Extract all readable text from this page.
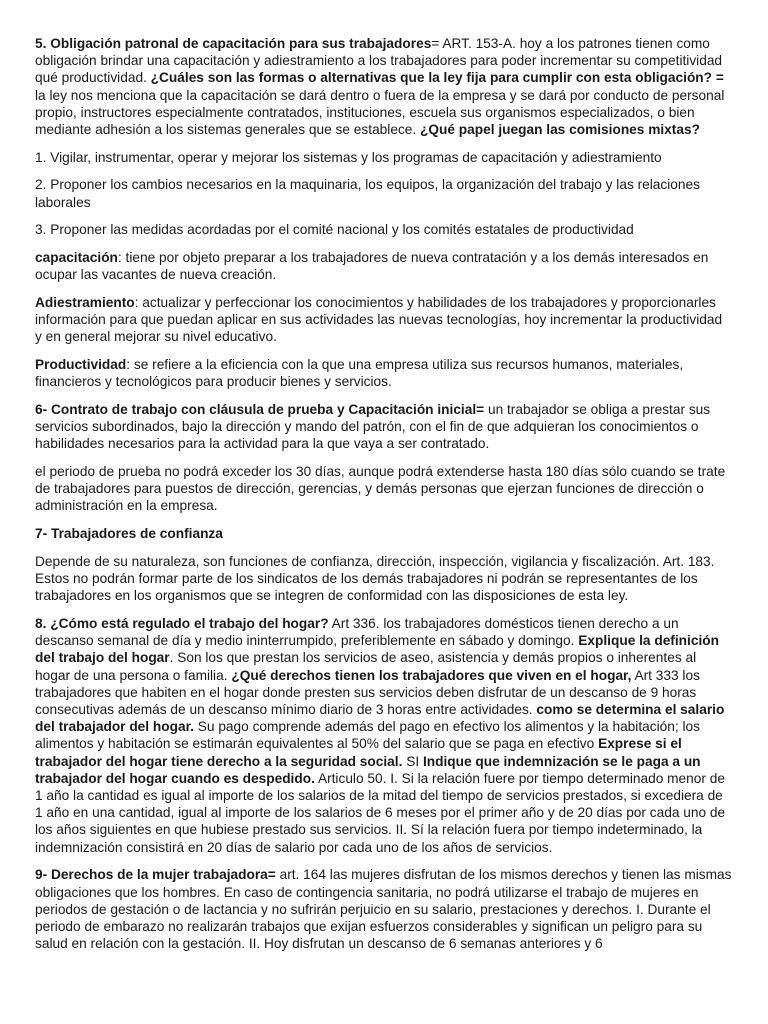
5. Obligación patronal de capacitación para sus trabajadores= ART. 153-A. hoy a los patrones tienen como obligación brindar una capacitación y adiestramiento a los trabajadores para poder incrementar su competitividad qué productividad. ¿Cuáles son las formas o alternativas que la ley fija para cumplir con esta obligación? = la ley nos menciona que la capacitación se dará dentro o fuera de la empresa y se dará por conducto de personal propio, instructores especialmente contratados, instituciones, escuela sus organismos especializados, o bien mediante adhesión a los sistemas generales que se establece. ¿Qué papel juegan las comisiones mixtas?

1. Vigilar, instrumentar, operar y mejorar los sistemas y los programas de capacitación y adiestramiento

2. Proponer los cambios necesarios en la maquinaria, los equipos, la organización del trabajo y las relaciones laborales

3. Proponer las medidas acordadas por el comité nacional y los comités estatales de productividad

capacitación: tiene por objeto preparar a los trabajadores de nueva contratación y a los demás interesados en ocupar las vacantes de nueva creación.

Adiestramiento: actualizar y perfeccionar los conocimientos y habilidades de los trabajadores y proporcionarles información para que puedan aplicar en sus actividades las nuevas tecnologías, hoy incrementar la productividad y en general mejorar su nivel educativo.

Productividad: se refiere a la eficiencia con la que una empresa utiliza sus recursos humanos, materiales, financieros y tecnológicos para producir bienes y servicios.

6- Contrato de trabajo con cláusula de prueba y Capacitación inicial= un trabajador se obliga a prestar sus servicios subordinados, bajo la dirección y mando del patrón, con el fin de que adquieran los conocimientos o habilidades necesarios para la actividad para la que vaya a ser contratado.

el periodo de prueba no podrá exceder los 30 días, aunque podrá extenderse hasta 180 días sólo cuando se trate de trabajadores para puestos de dirección, gerencias, y demás personas que ejerzan funciones de dirección o administración en la empresa.

7- Trabajadores de confianza

Depende de su naturaleza, son funciones de confianza, dirección, inspección, vigilancia y fiscalización. Art. 183. Estos no podrán formar parte de los sindicatos de los demás trabajadores ni podrán se representantes de los trabajadores en los organismos que se integren de conformidad con las disposiciones de esta ley.

8. ¿Cómo está regulado el trabajo del hogar? Art 336. los trabajadores domésticos tienen derecho a un descanso semanal de día y medio ininterrumpido, preferiblemente en sábado y domingo. Explique la definición del trabajo del hogar. Son los que prestan los servicios de aseo, asistencia y demás propios o inherentes al hogar de una persona o familia. ¿Qué derechos tienen los trabajadores que viven en el hogar, Art 333 los trabajadores que habiten en el hogar donde presten sus servicios deben disfrutar de un descanso de 9 horas consecutivas además de un descanso mínimo diario de 3 horas entre actividades. como se determina el salario del trabajador del hogar. Su pago comprende además del pago en efectivo los alimentos y la habitación; los alimentos y habitación se estimarán equivalentes al 50% del salario que se paga en efectivo Exprese si el trabajador del hogar tiene derecho a la seguridad social. SI Indique que indemnización se le paga a un trabajador del hogar cuando es despedido. Articulo 50. I. Si la relación fuere por tiempo determinado menor de 1 año la cantidad es igual al importe de los salarios de la mitad del tiempo de servicios prestados, si excediera de 1 año en una cantidad, igual al importe de los salarios de 6 meses por el primer año y de 20 días por cada uno de los años siguientes en que hubiese prestado sus servicios. II. Sí la relación fuera por tiempo indeterminado, la indemnización consistirá en 20 días de salario por cada uno de los años de servicios.

9- Derechos de la mujer trabajadora= art. 164 las mujeres disfrutan de los mismos derechos y tienen las mismas obligaciones que los hombres. En caso de contingencia sanitaria, no podrá utilizarse el trabajo de mujeres en periodos de gestación o de lactancia y no sufrirán perjuicio en su salario, prestaciones y derechos. I. Durante el periodo de embarazo no realizarán trabajos que exijan esfuerzos considerables y significan un peligro para su salud en relación con la gestación. II. Hoy disfrutan un descanso de 6 semanas anteriores y 6
